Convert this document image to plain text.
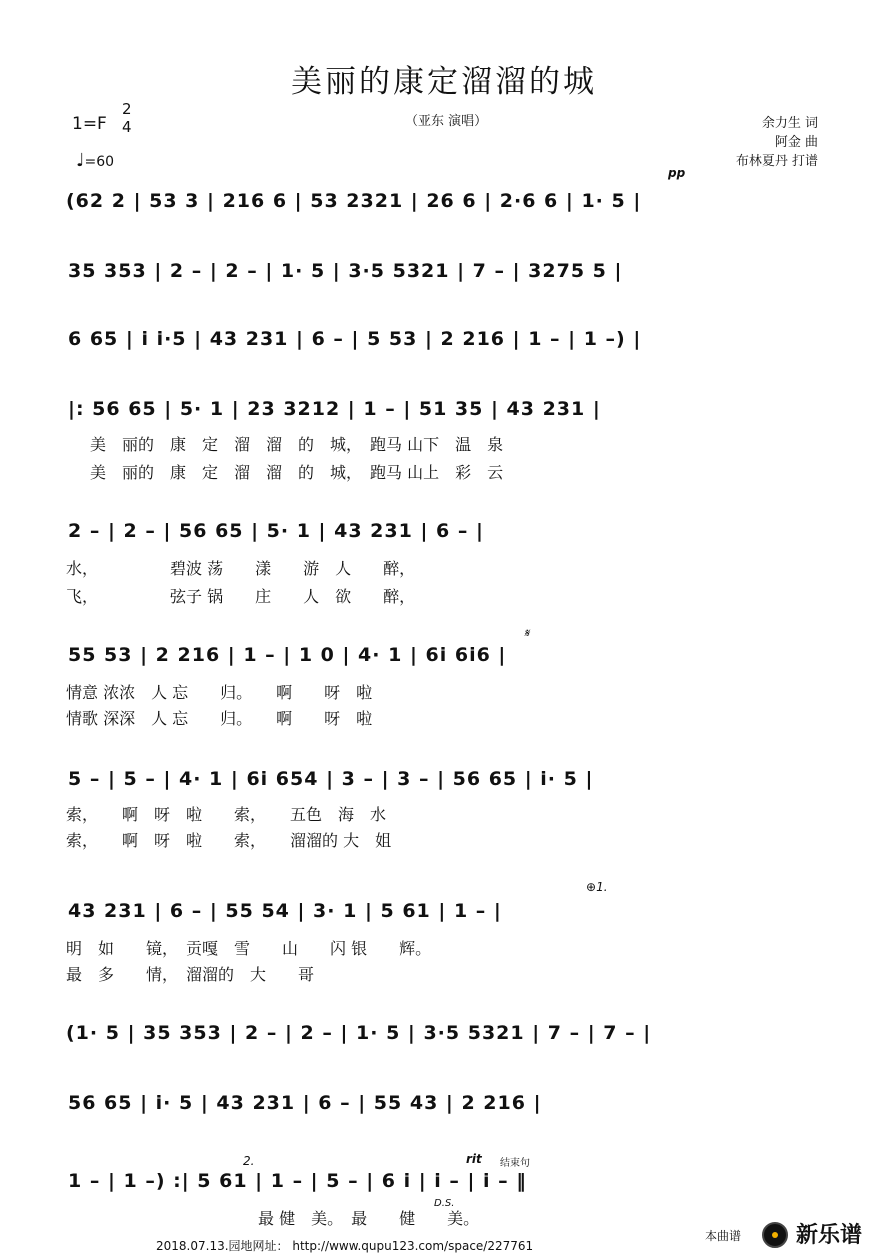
美丽的康定溜溜的城
（亚东 演唱）
1=F
2
4
♩=60
余力生 词
阿金 曲
布林夏丹 打谱
pp
(62 2 | 53 3 | 216 6 | 53 2321 | 26 6 | 2·6 6 | 1· 5 |
35 353 | 2 – | 2 – | 1· 5 | 3·5 5321 | 7 – | 3275 5 |
6 65 | i i·5 | 43 231 | 6 – | 5 53 | 2 216 | 1 – | 1 –) |
|: 56 65 | 5· 1 | 23 3212 | 1 – | 51 35 | 43 231 |
美　丽的　康　定　溜　溜　的　城，　跑马 山下　温　泉
美　丽的　康　定　溜　溜　的　城，　跑马 山上　彩　云
2 – | 2 – | 56 65 | 5· 1 | 43 231 | 6 – |
水，　　　　　碧波 荡　　漾　　游　人　　醉，
飞，　　　　　弦子 锅　　庄　　人　欲　　醉，
𝄋
55 53 | 2 216 | 1 – | 1 0 | 4· 1 | 6i 6i6 |
情意 浓浓　人 忘　　归。　　啊　　呀　啦
情歌 深深　人 忘　　归。　　啊　　呀　啦
5 – | 5 – | 4· 1 | 6i 654 | 3 – | 3 – | 56 65 | i· 5 |
索，　　啊　呀　啦　　索，　　五色　海　水
索，　　啊　呀　啦　　索，　　溜溜的 大　姐
⊕1.
43 231 | 6 – | 55 54 | 3· 1 | 5 61 | 1 – |
明　如　　镜，　贡嘎　雪　　山　　闪 银　　辉。
最　多　　情，　溜溜的　大　　哥
(1· 5 | 35 353 | 2 – | 2 – | 1· 5 | 3·5 5321 | 7 – | 7 – |
56 65 | i· 5 | 43 231 | 6 – | 55 43 | 2 216 |
2.	rit 结束句
1 – | 1 –) :| 5 61 | 1 – | 5 – | 6 i | i – | i – ‖
D.S.
最 健　美。　最　　健　　美。
2018.07.13.园地网址： http://www.qupu123.com/space/227761
本曲谱 新乐谱
